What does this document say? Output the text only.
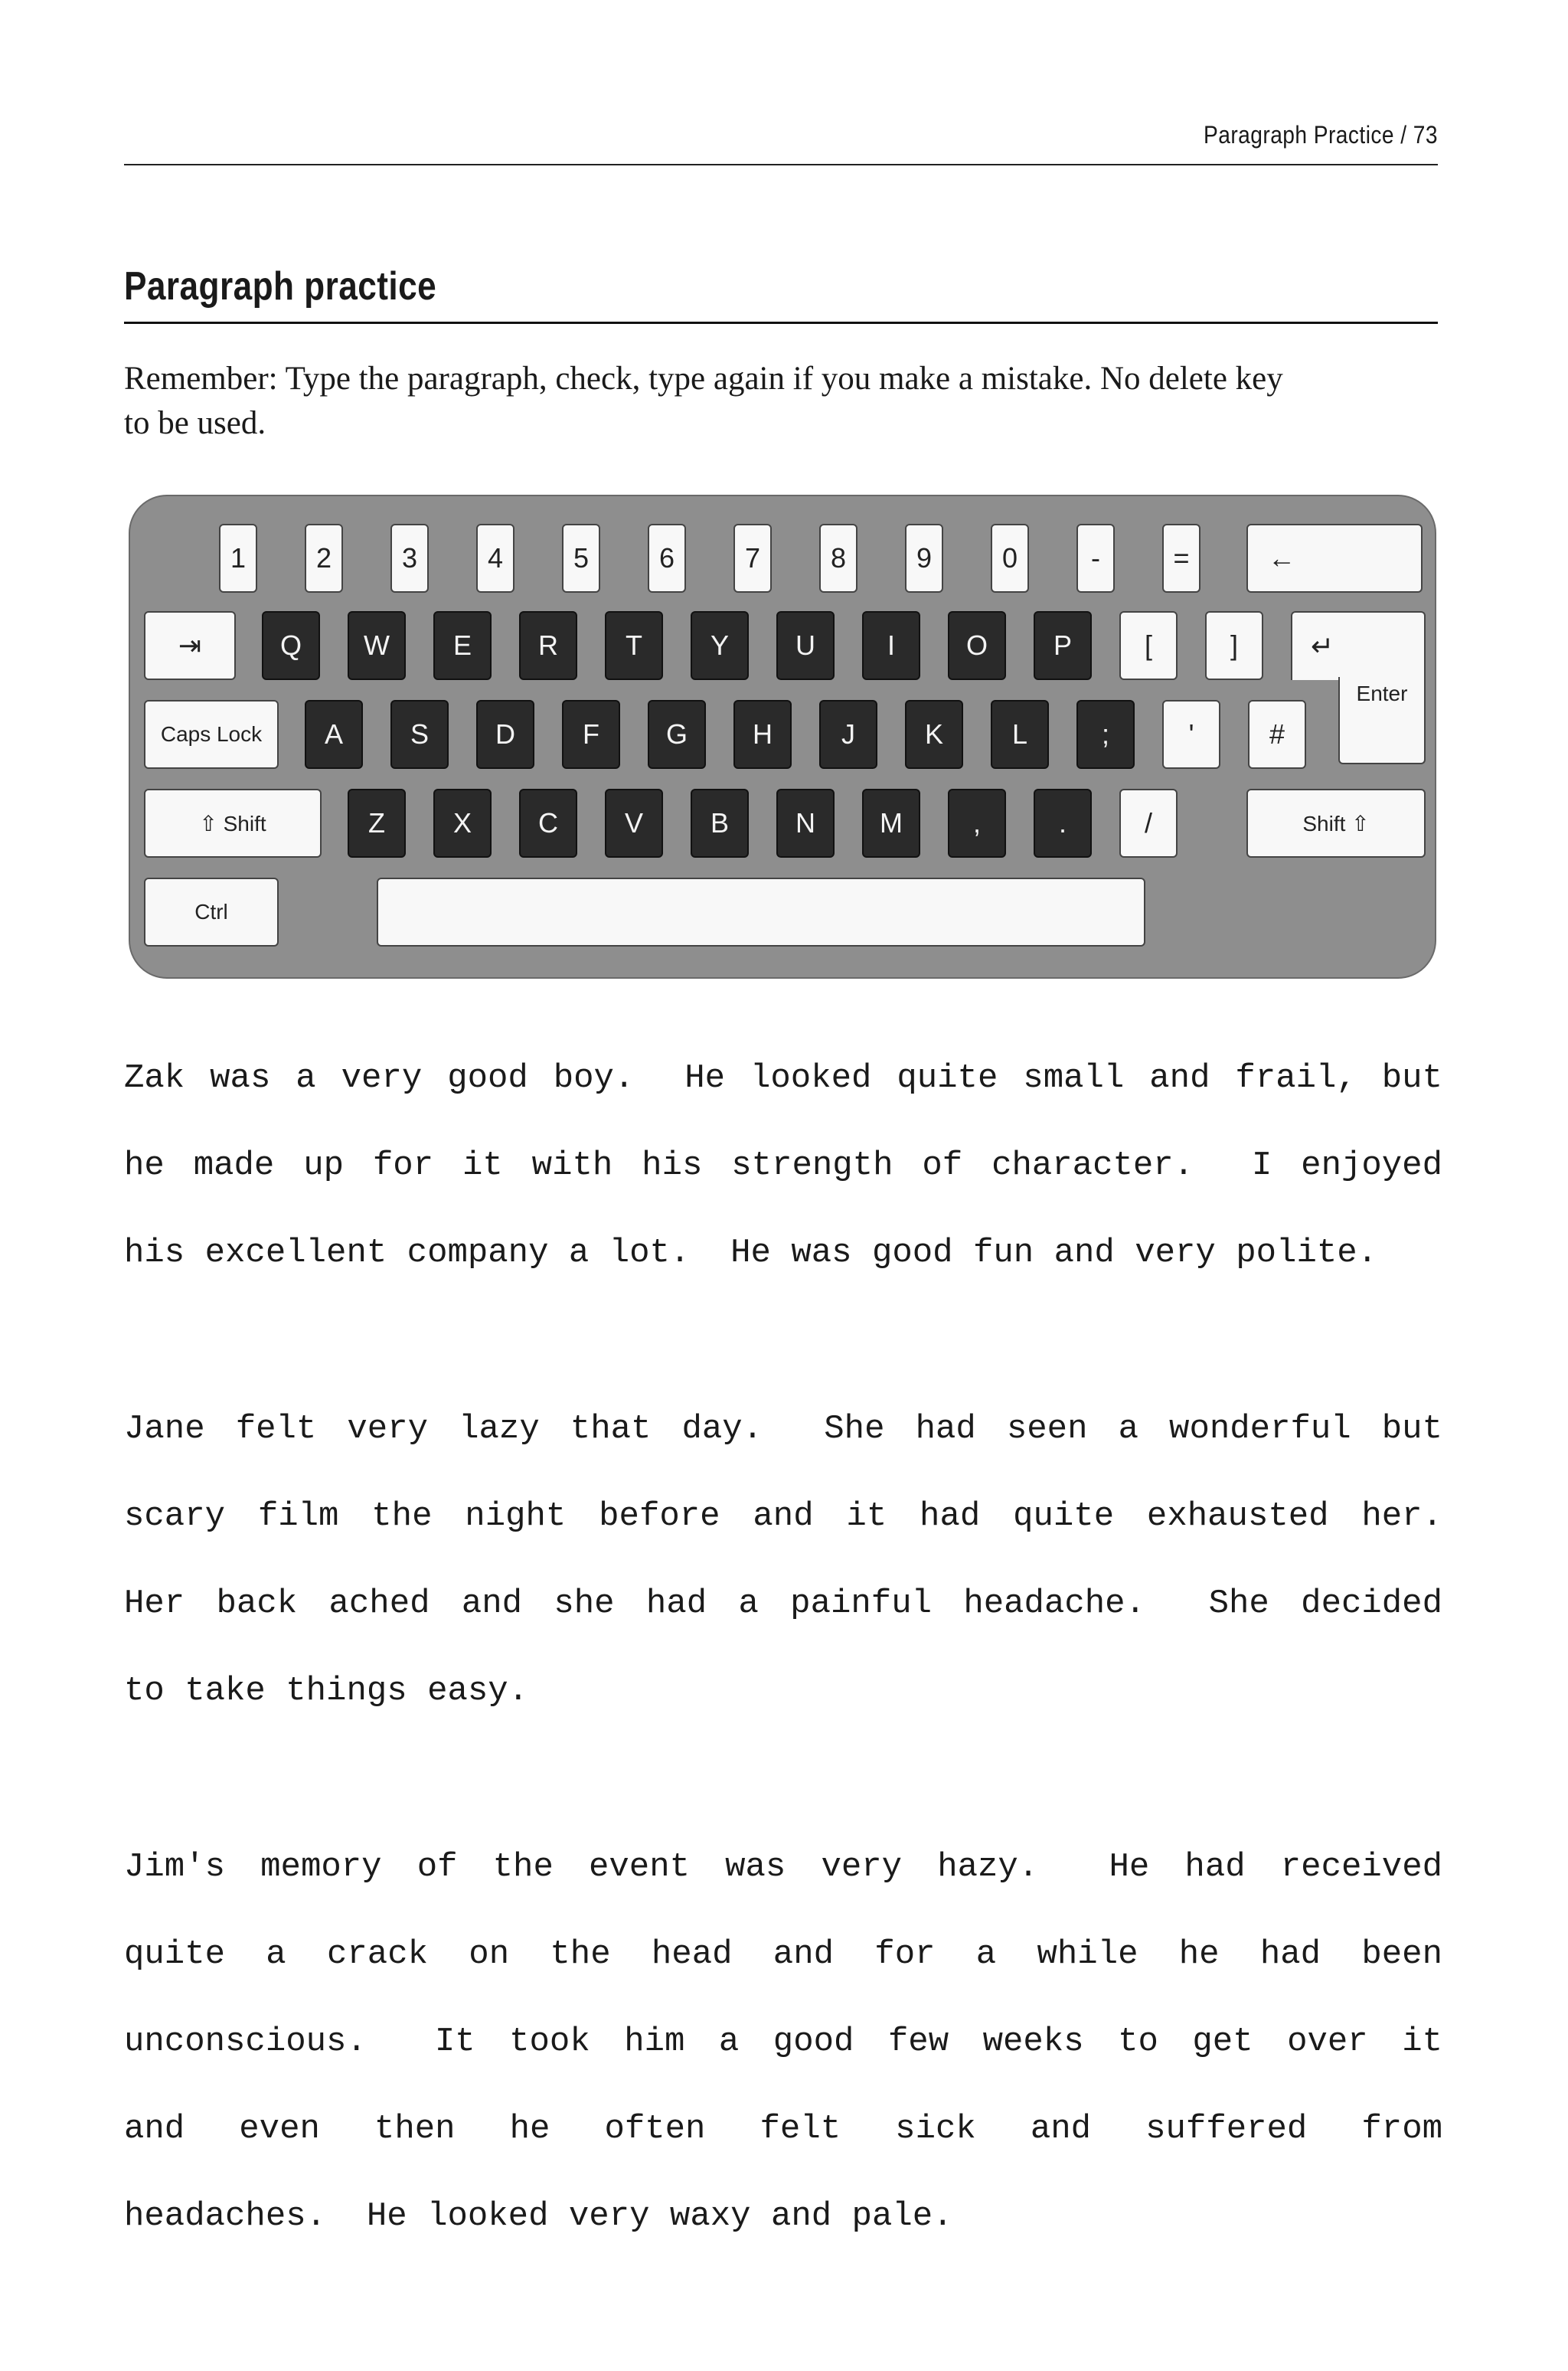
Paragraph Practice / 73
Paragraph practice
Remember: Type the paragraph, check, type again if you make a mistake. No delete key
to be used.
1	2	3	4	5	6	7	8	9	0	-	=	←
⇥	Q	W	E	R	T	Y	U	I	O	P	[	]	↵
Enter
Caps Lock	A	S	D	F	G	H	J	K	L	;	'	#
⇧ Shift	Z	X	C	V	B	N	M	,	.	/	Shift ⇧
Ctrl
Zak was a very good boy.  He looked quite small and frail, but
he made up for it with his strength of character.  I enjoyed
his excellent company a lot.  He was good fun and very polite.
Jane felt very lazy that day.  She had seen a wonderful but
scary film the night before and it had quite exhausted her.
Her back ached and she had a painful headache.  She decided
to take things easy.
Jim's memory of the event was very hazy.  He had received
quite a crack on the head and for a while he had been
unconscious.  It took him a good few weeks to get over it
and even then he often felt sick and suffered from
headaches.  He looked very waxy and pale.
